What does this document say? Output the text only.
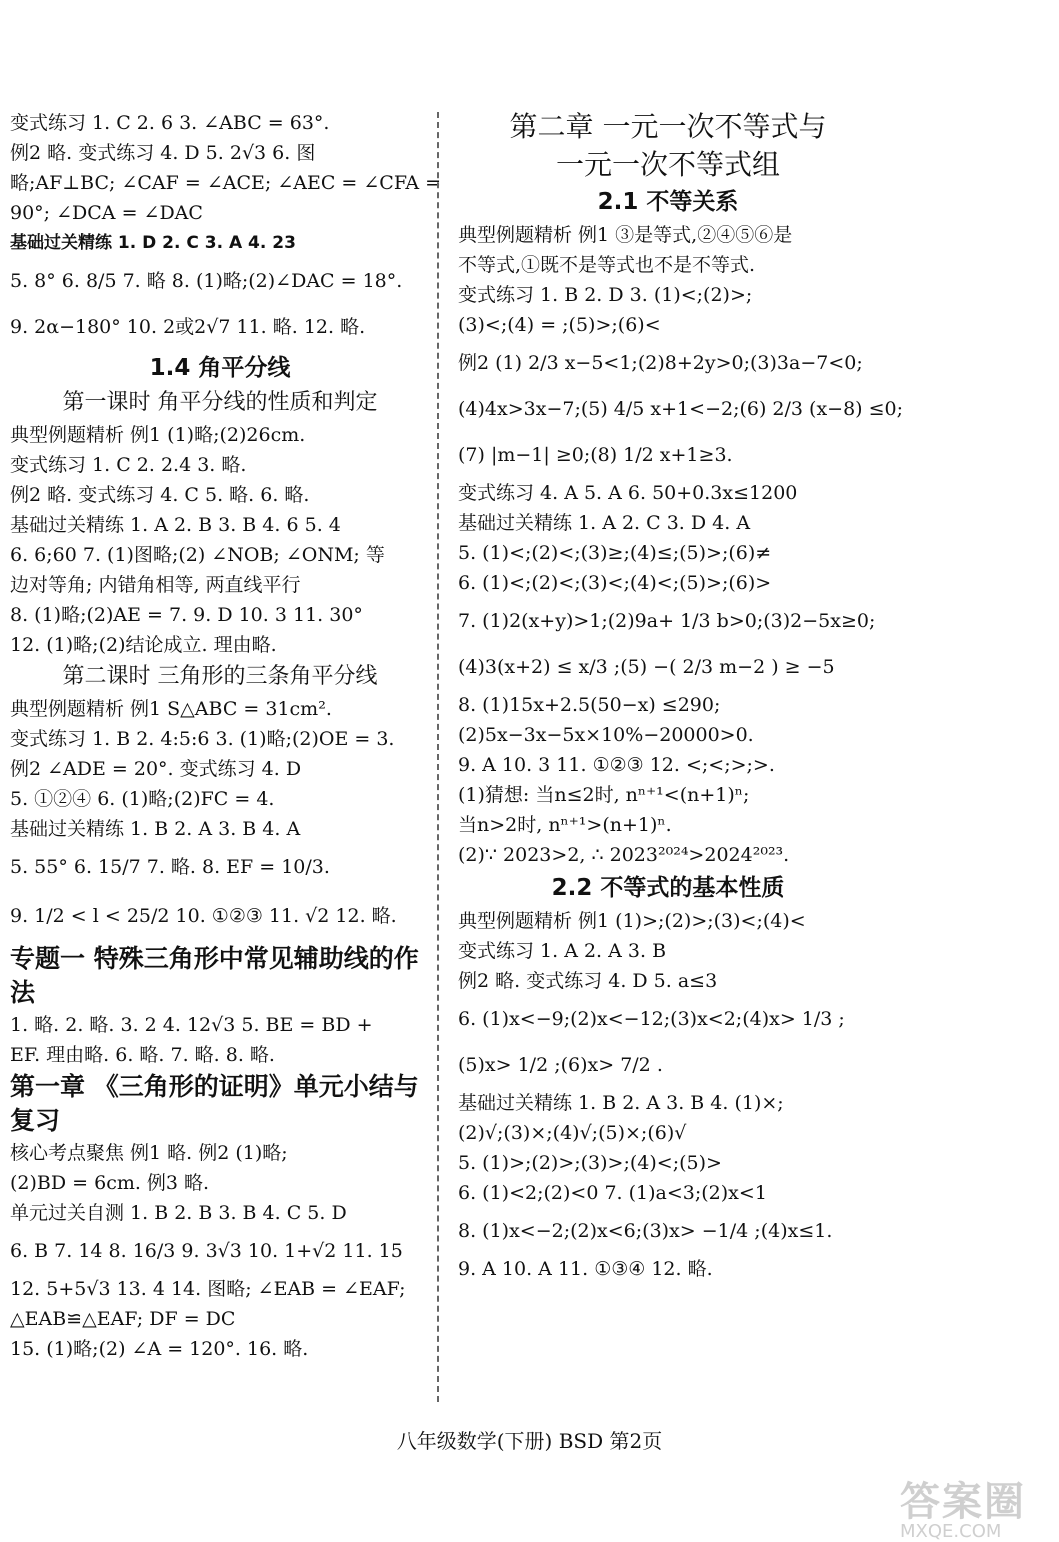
变式练习 1. C 2. 6 3. ∠ABC = 63°.
例2 略. 变式练习 4. D 5. 2√3 6. 图
略;AF⊥BC; ∠CAF = ∠ACE; ∠AEC = ∠CFA =
90°; ∠DCA = ∠DAC
基础过关精练 1. D 2. C 3. A 4. 23
5. 8° 6. 8/5 7. 略 8. (1)略;(2)∠DAC = 18°.
9. 2α−180° 10. 2或2√7 11. 略. 12. 略.
1.4 角平分线
第一课时 角平分线的性质和判定
典型例题精析 例1 (1)略;(2)26cm.
变式练习 1. C 2. 2.4 3. 略.
例2 略. 变式练习 4. C 5. 略. 6. 略.
基础过关精练 1. A 2. B 3. B 4. 6 5. 4
6. 6;60 7. (1)图略;(2) ∠NOB; ∠ONM; 等
边对等角; 内错角相等, 两直线平行
8. (1)略;(2)AE = 7. 9. D 10. 3 11. 30°
12. (1)略;(2)结论成立. 理由略.
第二课时 三角形的三条角平分线
典型例题精析 例1 S△ABC = 31cm².
变式练习 1. B 2. 4:5:6 3. (1)略;(2)OE = 3.
例2 ∠ADE = 20°. 变式练习 4. D
5. ①②④ 6. (1)略;(2)FC = 4.
基础过关精练 1. B 2. A 3. B 4. A
5. 55° 6. 15/7 7. 略. 8. EF = 10/3.
9. 1/2 < l < 25/2 10. ①②③ 11. √2 12. 略.
专题一 特殊三角形中常见辅助线的作法
1. 略. 2. 略. 3. 2 4. 12√3 5. BE = BD +
EF. 理由略. 6. 略. 7. 略. 8. 略.
第一章 《三角形的证明》单元小结与复习
核心考点聚焦 例1 略. 例2 (1)略;
(2)BD = 6cm. 例3 略.
单元过关自测 1. B 2. B 3. B 4. C 5. D
6. B 7. 14 8. 16/3 9. 3√3 10. 1+√2 11. 15
12. 5+5√3 13. 4 14. 图略; ∠EAB = ∠EAF;
△EAB≌△EAF; DF = DC
15. (1)略;(2) ∠A = 120°. 16. 略.
第二章 一元一次不等式与
一元一次不等式组
2.1 不等关系
典型例题精析 例1 ③是等式,②④⑤⑥是
不等式,①既不是等式也不是不等式.
变式练习 1. B 2. D 3. (1)<;(2)>;
(3)<;(4) = ;(5)>;(6)<
例2 (1) 2/3 x−5<1;(2)8+2y>0;(3)3a−7<0;
(4)4x>3x−7;(5) 4/5 x+1<−2;(6) 2/3 (x−8) ≤0;
(7) |m−1| ≥0;(8) 1/2 x+1≥3.
变式练习 4. A 5. A 6. 50+0.3x≤1200
基础过关精练 1. A 2. C 3. D 4. A
5. (1)<;(2)<;(3)≥;(4)≤;(5)>;(6)≠
6. (1)<;(2)<;(3)<;(4)<;(5)>;(6)>
7. (1)2(x+y)>1;(2)9a+ 1/3 b>0;(3)2−5x≥0;
(4)3(x+2) ≤ x/3 ;(5) −( 2/3 m−2 ) ≥ −5
8. (1)15x+2.5(50−x) ≤290;
(2)5x−3x−5x×10%−20000>0.
9. A 10. 3 11. ①②③ 12. <;<;>;>.
(1)猜想: 当n≤2时, nⁿ⁺¹<(n+1)ⁿ;
当n>2时, nⁿ⁺¹>(n+1)ⁿ.
(2)∵ 2023>2, ∴ 2023²⁰²⁴>2024²⁰²³.
2.2 不等式的基本性质
典型例题精析 例1 (1)>;(2)>;(3)<;(4)<
变式练习 1. A 2. A 3. B
例2 略. 变式练习 4. D 5. a≤3
6. (1)x<−9;(2)x<−12;(3)x<2;(4)x> 1/3 ;
(5)x> 1/2 ;(6)x> 7/2 .
基础过关精练 1. B 2. A 3. B 4. (1)×;
(2)√;(3)×;(4)√;(5)×;(6)√
5. (1)>;(2)>;(3)>;(4)<;(5)>
6. (1)<2;(2)<0 7. (1)a<3;(2)x<1
8. (1)x<−2;(2)x<6;(3)x> −1/4 ;(4)x≤1.
9. A 10. A 11. ①③④ 12. 略.
八年级数学(下册) BSD 第2页
答案圈
MXQE.COM
